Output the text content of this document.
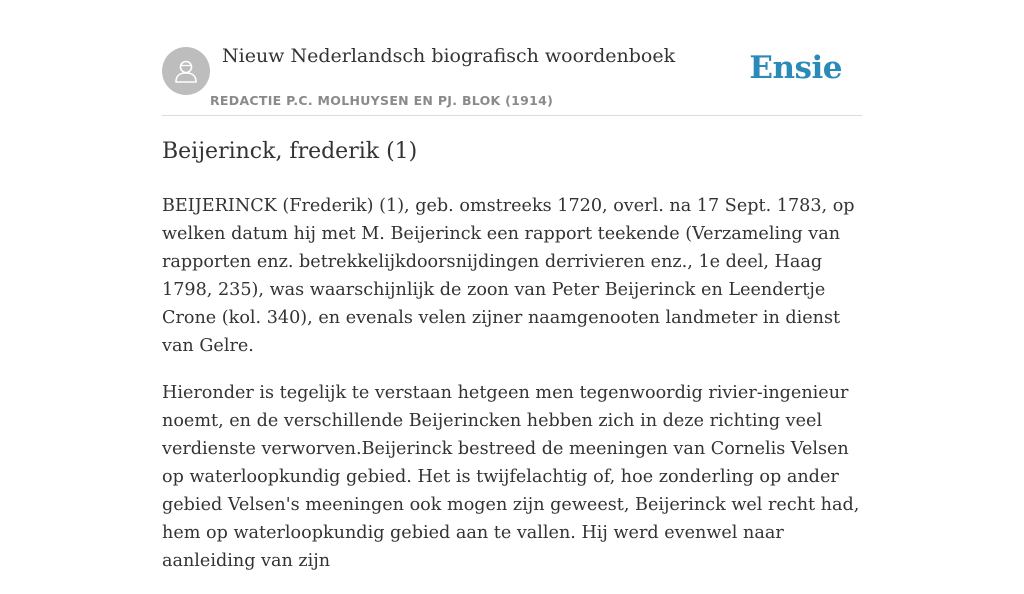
Nieuw Nederlandsch biografisch woordenboek
REDACTIE P.C. MOLHUYSEN EN PJ. BLOK (1914)
Ensie
Beijerinck, frederik (1)

BEIJERINCK (Frederik) (1), geb. omstreeks 1720, overl. na 17 Sept. 1783, op welken datum hij met M. Beijerinck een rapport teekende (Verzameling van rapporten enz. betrekkelijkdoorsnijdingen derrivieren enz., 1e deel, Haag 1798, 235), was waarschijnlijk de zoon van Peter Beijerinck en Leendertje Crone (kol. 340), en evenals velen zijner naamgenooten landmeter in dienst van Gelre.

Hieronder is tegelijk te verstaan hetgeen men tegenwoordig rivier-ingenieur noemt, en de verschillende Beijerincken hebben zich in deze richting veel verdienste verworven.Beijerinck bestreed de meeningen van Cornelis Velsen op waterloopkundig gebied. Het is twijfelachtig of, hoe zonderling op ander gebied Velsen's meeningen ook mogen zijn geweest, Beijerinck wel recht had, hem op waterloopkundig gebied aan te vallen. Hij werd evenwel naar aanleiding van zijn
